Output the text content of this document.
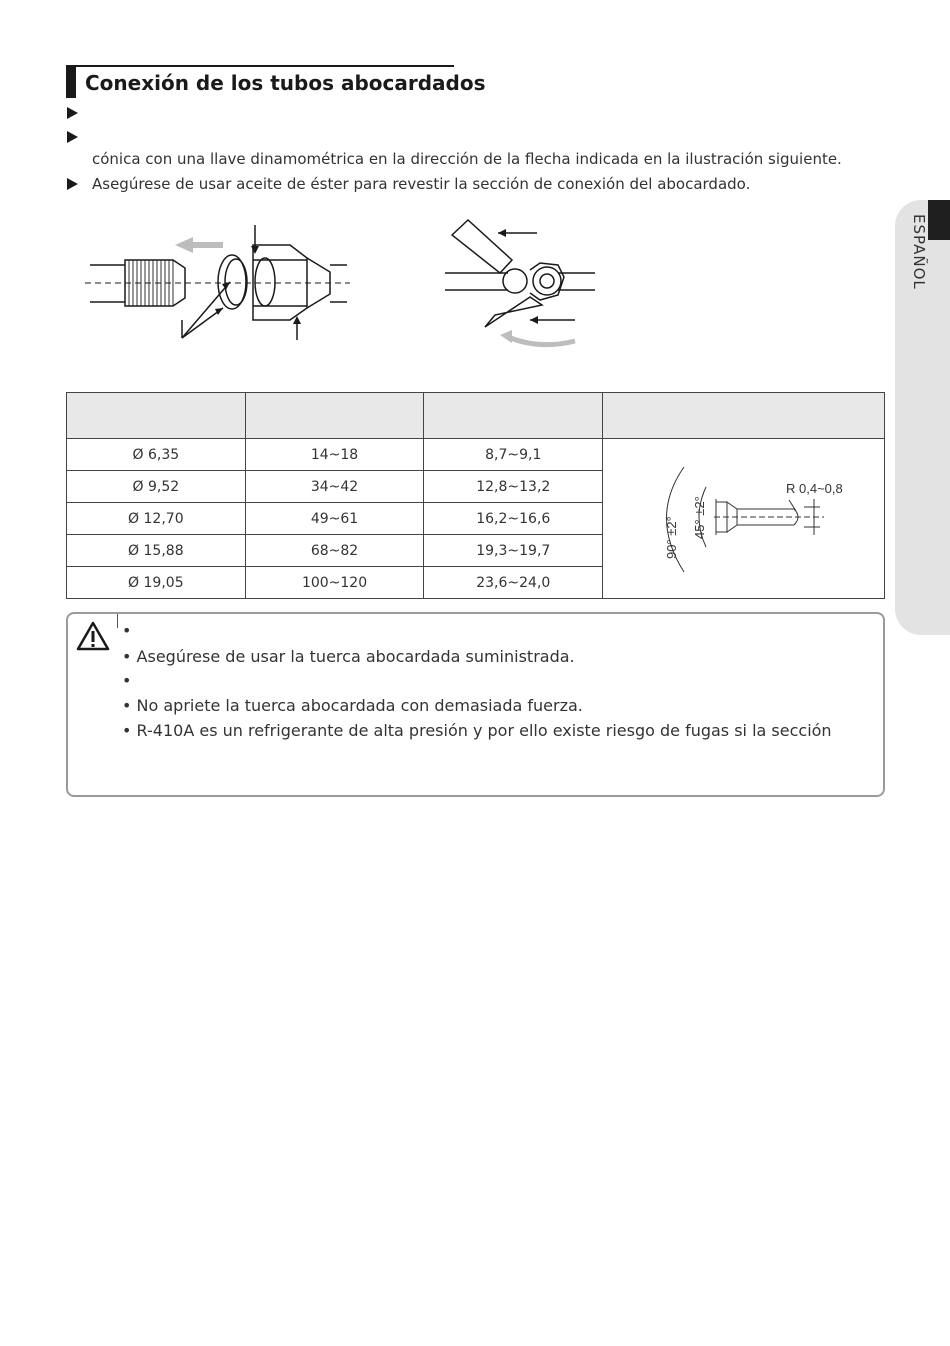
Conexión de los tubos abocardados
cónica con una llave dinamométrica en la dirección de la flecha indicada en la ilustración siguiente.
Asegúrese de usar aceite de éster para revestir la sección de conexión del abocardado.
ESPAÑOL

Ø 6,35	14~18	8,7~9,1	R 0,4~0,8
90° ±2° 45° ±2°

Ø 9,52	34~42	12,8~13,2	
Ø 12,70	49~61	16,2~16,6	
Ø 15,88	68~82	19,3~19,7	
Ø 19,05	100~120	23,6~24,0	
•
• Asegúrese de usar la tuerca abocardada suministrada.
•
• No apriete la tuerca abocardada con demasiada fuerza.
• R-410A es un refrigerante de alta presión y por ello existe riesgo de fugas si la sección
